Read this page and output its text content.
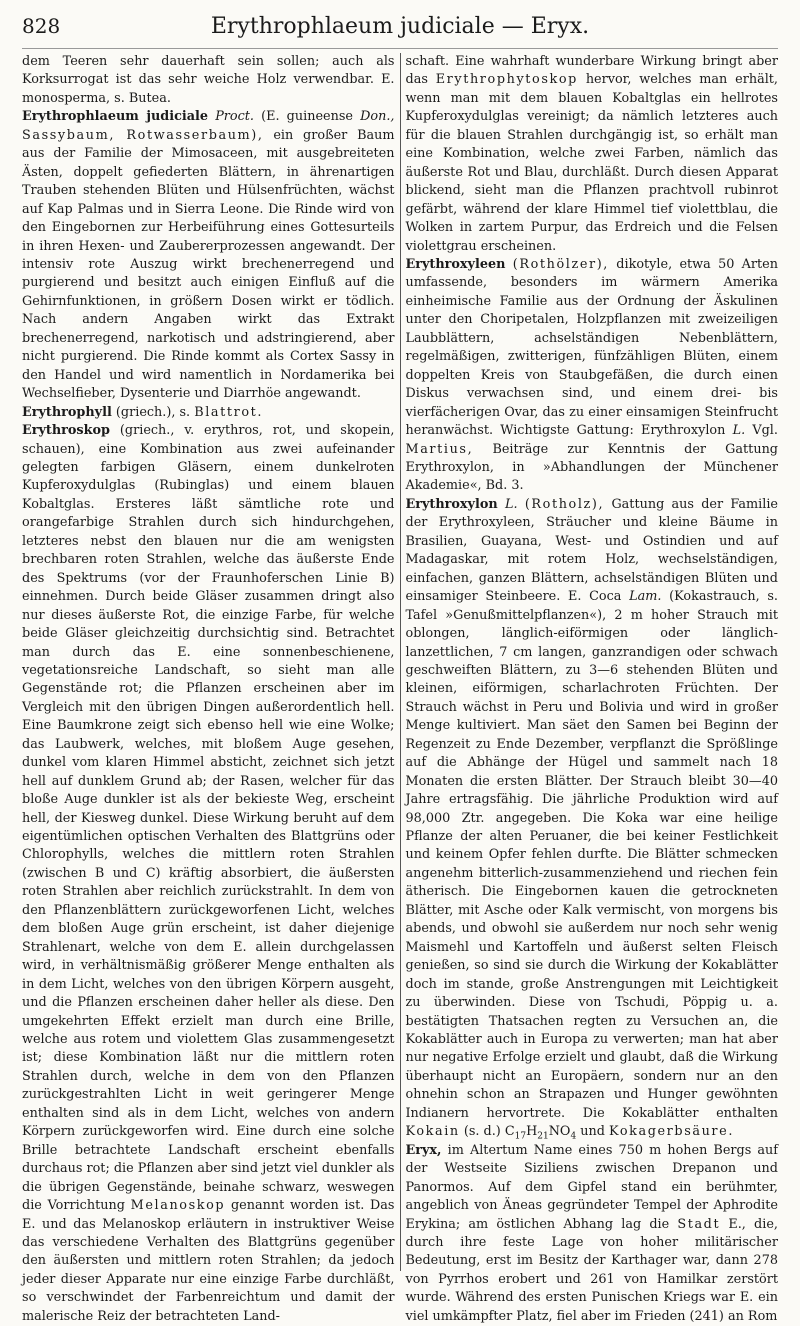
828	Erythrophlaeum judiciale — Eryx.

dem Teeren sehr dauerhaft sein sollen; auch als Korksurrogat ist das sehr weiche Holz verwendbar. E. monosperma, s. Butea.

Erythrophlaeum judiciale Proct. (E. guineense Don., Sassybaum, Rotwasserbaum), ein großer Baum aus der Familie der Mimosaceen, mit ausgebreiteten Ästen, doppelt gefiederten Blättern, in ährenartigen Trauben stehenden Blüten und Hülsenfrüchten, wächst auf Kap Palmas und in Sierra Leone. Die Rinde wird von den Eingebornen zur Herbeiführung eines Gottesurteils in ihren Hexen- und Zaubererprozessen angewandt. Der intensiv rote Auszug wirkt brechenerregend und purgierend und besitzt auch einigen Einfluß auf die Gehirnfunktionen, in größern Dosen wirkt er tödlich. Nach andern Angaben wirkt das Extrakt brechenerregend, narkotisch und adstringierend, aber nicht purgierend. Die Rinde kommt als Cortex Sassy in den Handel und wird namentlich in Nordamerika bei Wechselfieber, Dysenterie und Diarrhöe angewandt.

Erythrophyll (griech.), s. Blattrot.

Erythroskop (griech., v. erythros, rot, und skopein, schauen), eine Kombination aus zwei aufeinander gelegten farbigen Gläsern, einem dunkelroten Kupferoxydulglas (Rubinglas) und einem blauen Kobaltglas. Ersteres läßt sämtliche rote und orangefarbige Strahlen durch sich hindurchgehen, letzteres nebst den blauen nur die am wenigsten brechbaren roten Strahlen, welche das äußerste Ende des Spektrums (vor der Fraunhoferschen Linie B) einnehmen. Durch beide Gläser zusammen dringt also nur dieses äußerste Rot, die einzige Farbe, für welche beide Gläser gleichzeitig durchsichtig sind. Betrachtet man durch das E. eine sonnenbeschienene, vegetationsreiche Landschaft, so sieht man alle Gegenstände rot; die Pflanzen erscheinen aber im Vergleich mit den übrigen Dingen außerordentlich hell. Eine Baumkrone zeigt sich ebenso hell wie eine Wolke; das Laubwerk, welches, mit bloßem Auge gesehen, dunkel vom klaren Himmel absticht, zeichnet sich jetzt hell auf dunklem Grund ab; der Rasen, welcher für das bloße Auge dunkler ist als der bekieste Weg, erscheint hell, der Kiesweg dunkel. Diese Wirkung beruht auf dem eigentümlichen optischen Verhalten des Blattgrüns oder Chlorophylls, welches die mittlern roten Strahlen (zwischen B und C) kräftig absorbiert, die äußersten roten Strahlen aber reichlich zurückstrahlt. In dem von den Pflanzenblättern zurückgeworfenen Licht, welches dem bloßen Auge grün erscheint, ist daher diejenige Strahlenart, welche von dem E. allein durchgelassen wird, in verhältnismäßig größerer Menge enthalten als in dem Licht, welches von den übrigen Körpern ausgeht, und die Pflanzen erscheinen daher heller als diese. Den umgekehrten Effekt erzielt man durch eine Brille, welche aus rotem und violettem Glas zusammengesetzt ist; diese Kombination läßt nur die mittlern roten Strahlen durch, welche in dem von den Pflanzen zurückgestrahlten Licht in weit geringerer Menge enthalten sind als in dem Licht, welches von andern Körpern zurückgeworfen wird. Eine durch eine solche Brille betrachtete Landschaft erscheint ebenfalls durchaus rot; die Pflanzen aber sind jetzt viel dunkler als die übrigen Gegenstände, beinahe schwarz, weswegen die Vorrichtung Melanoskop genannt worden ist. Das E. und das Melanoskop erläutern in instruktiver Weise das verschiedene Verhalten des Blattgrüns gegenüber den äußersten und mittlern roten Strahlen; da jedoch jeder dieser Apparate nur eine einzige Farbe durchläßt, so verschwindet der Farbenreichtum und damit der malerische Reiz der betrachteten Land-

schaft. Eine wahrhaft wunderbare Wirkung bringt aber das Erythrophytoskop hervor, welches man erhält, wenn man mit dem blauen Kobaltglas ein hellrotes Kupferoxydulglas vereinigt; da nämlich letzteres auch für die blauen Strahlen durchgängig ist, so erhält man eine Kombination, welche zwei Farben, nämlich das äußerste Rot und Blau, durchläßt. Durch diesen Apparat blickend, sieht man die Pflanzen prachtvoll rubinrot gefärbt, während der klare Himmel tief violettblau, die Wolken in zartem Purpur, das Erdreich und die Felsen violettgrau erscheinen.

Erythroxyleen (Rothölzer), dikotyle, etwa 50 Arten umfassende, besonders im wärmern Amerika einheimische Familie aus der Ordnung der Äskulinen unter den Choripetalen, Holzpflanzen mit zweizeiligen Laubblättern, achselständigen Nebenblättern, regelmäßigen, zwitterigen, fünfzähligen Blüten, einem doppelten Kreis von Staubgefäßen, die durch einen Diskus verwachsen sind, und einem drei- bis vierfächerigen Ovar, das zu einer einsamigen Steinfrucht heranwächst. Wichtigste Gattung: Erythroxylon L. Vgl. Martius, Beiträge zur Kenntnis der Gattung Erythroxylon, in »Abhandlungen der Münchener Akademie«, Bd. 3.

Erythroxylon L. (Rotholz), Gattung aus der Familie der Erythroxyleen, Sträucher und kleine Bäume in Brasilien, Guayana, West- und Ostindien und auf Madagaskar, mit rotem Holz, wechselständigen, einfachen, ganzen Blättern, achselständigen Blüten und einsamiger Steinbeere. E. Coca Lam. (Kokastrauch, s. Tafel »Genußmittelpflanzen«), 2 m hoher Strauch mit oblongen, länglich-eiförmigen oder länglich-lanzettlichen, 7 cm langen, ganzrandigen oder schwach geschweiften Blättern, zu 3—6 stehenden Blüten und kleinen, eiförmigen, scharlachroten Früchten. Der Strauch wächst in Peru und Bolivia und wird in großer Menge kultiviert. Man säet den Samen bei Beginn der Regenzeit zu Ende Dezember, verpflanzt die Sprößlinge auf die Abhänge der Hügel und sammelt nach 18 Monaten die ersten Blätter. Der Strauch bleibt 30—40 Jahre ertragsfähig. Die jährliche Produktion wird auf 98,000 Ztr. angegeben. Die Koka war eine heilige Pflanze der alten Peruaner, die bei keiner Festlichkeit und keinem Opfer fehlen durfte. Die Blätter schmecken angenehm bitterlich-zusammenziehend und riechen fein ätherisch. Die Eingebornen kauen die getrockneten Blätter, mit Asche oder Kalk vermischt, von morgens bis abends, und obwohl sie außerdem nur noch sehr wenig Maismehl und Kartoffeln und äußerst selten Fleisch genießen, so sind sie durch die Wirkung der Kokablätter doch im stande, große Anstrengungen mit Leichtigkeit zu überwinden. Diese von Tschudi, Pöppig u. a. bestätigten Thatsachen regten zu Versuchen an, die Kokablätter auch in Europa zu verwerten; man hat aber nur negative Erfolge erzielt und glaubt, daß die Wirkung überhaupt nicht an Europäern, sondern nur an den ohnehin schon an Strapazen und Hunger gewöhnten Indianern hervortrete. Die Kokablätter enthalten Kokain (s. d.) $C_{17}H_{21}NO_4$ und Kokagerbsäure.

Eryx, im Altertum Name eines 750 m hohen Bergs auf der Westseite Siziliens zwischen Drepanon und Panormos. Auf dem Gipfel stand ein berühmter, angeblich von Äneas gegründeter Tempel der Aphrodite Erykina; am östlichen Abhang lag die Stadt E., die, durch ihre feste Lage von hoher militärischer Bedeutung, erst im Besitz der Karthager war, dann 278 von Pyrrhos erobert und 261 von Hamilkar zerstört wurde. Während des ersten Punischen Kriegs war E. ein viel umkämpfter Platz, fiel aber im Frieden (241) an Rom
